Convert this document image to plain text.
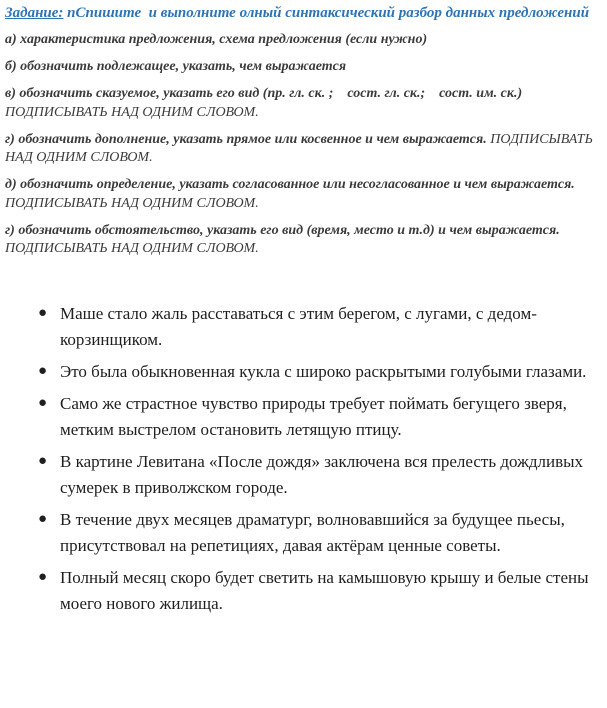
Задание: пСпишите  и выполните олный синтаксический разбор данных предложений

а) характеристика предложения, схема предложения (если нужно)

б) обозначить подлежащее, указать, чем выражается

в) обозначить сказуемое, указать его вид (пр. гл. ск. ;    сост. гл. ск.;    сост. им. ск.) ПОДПИСЫВАТЬ НАД ОДНИМ СЛОВОМ.

г) обозначить дополнение, указать прямое или косвенное и чем выражается. ПОДПИСЫВАТЬ НАД ОДНИМ СЛОВОМ.

д) обозначить определение, указать согласованное или несогласованное и чем выражается. ПОДПИСЫВАТЬ НАД ОДНИМ СЛОВОМ.

г) обозначить обстоятельство, указать его вид (время, место и т.д) и чем выражается. ПОДПИСЫВАТЬ НАД ОДНИМ СЛОВОМ.

● Маше стало жаль расставаться с этим берегом, с лугами, с дедом-корзинщиком.
● Это была обыкновенная кукла с широко раскрытыми голубыми глазами.
● Само же страстное чувство природы требует поймать бегущего зверя, метким выстрелом остановить летящую птицу.
● В картине Левитана «После дождя» заключена вся прелесть дождливых сумерек в приволжском городе.
● В течение двух месяцев драматург, волновавшийся за будущее пьесы, присутствовал на репетициях, давая актёрам ценные советы.
● Полный месяц скоро будет светить на камышовую крышу и белые стены моего нового жилища.
